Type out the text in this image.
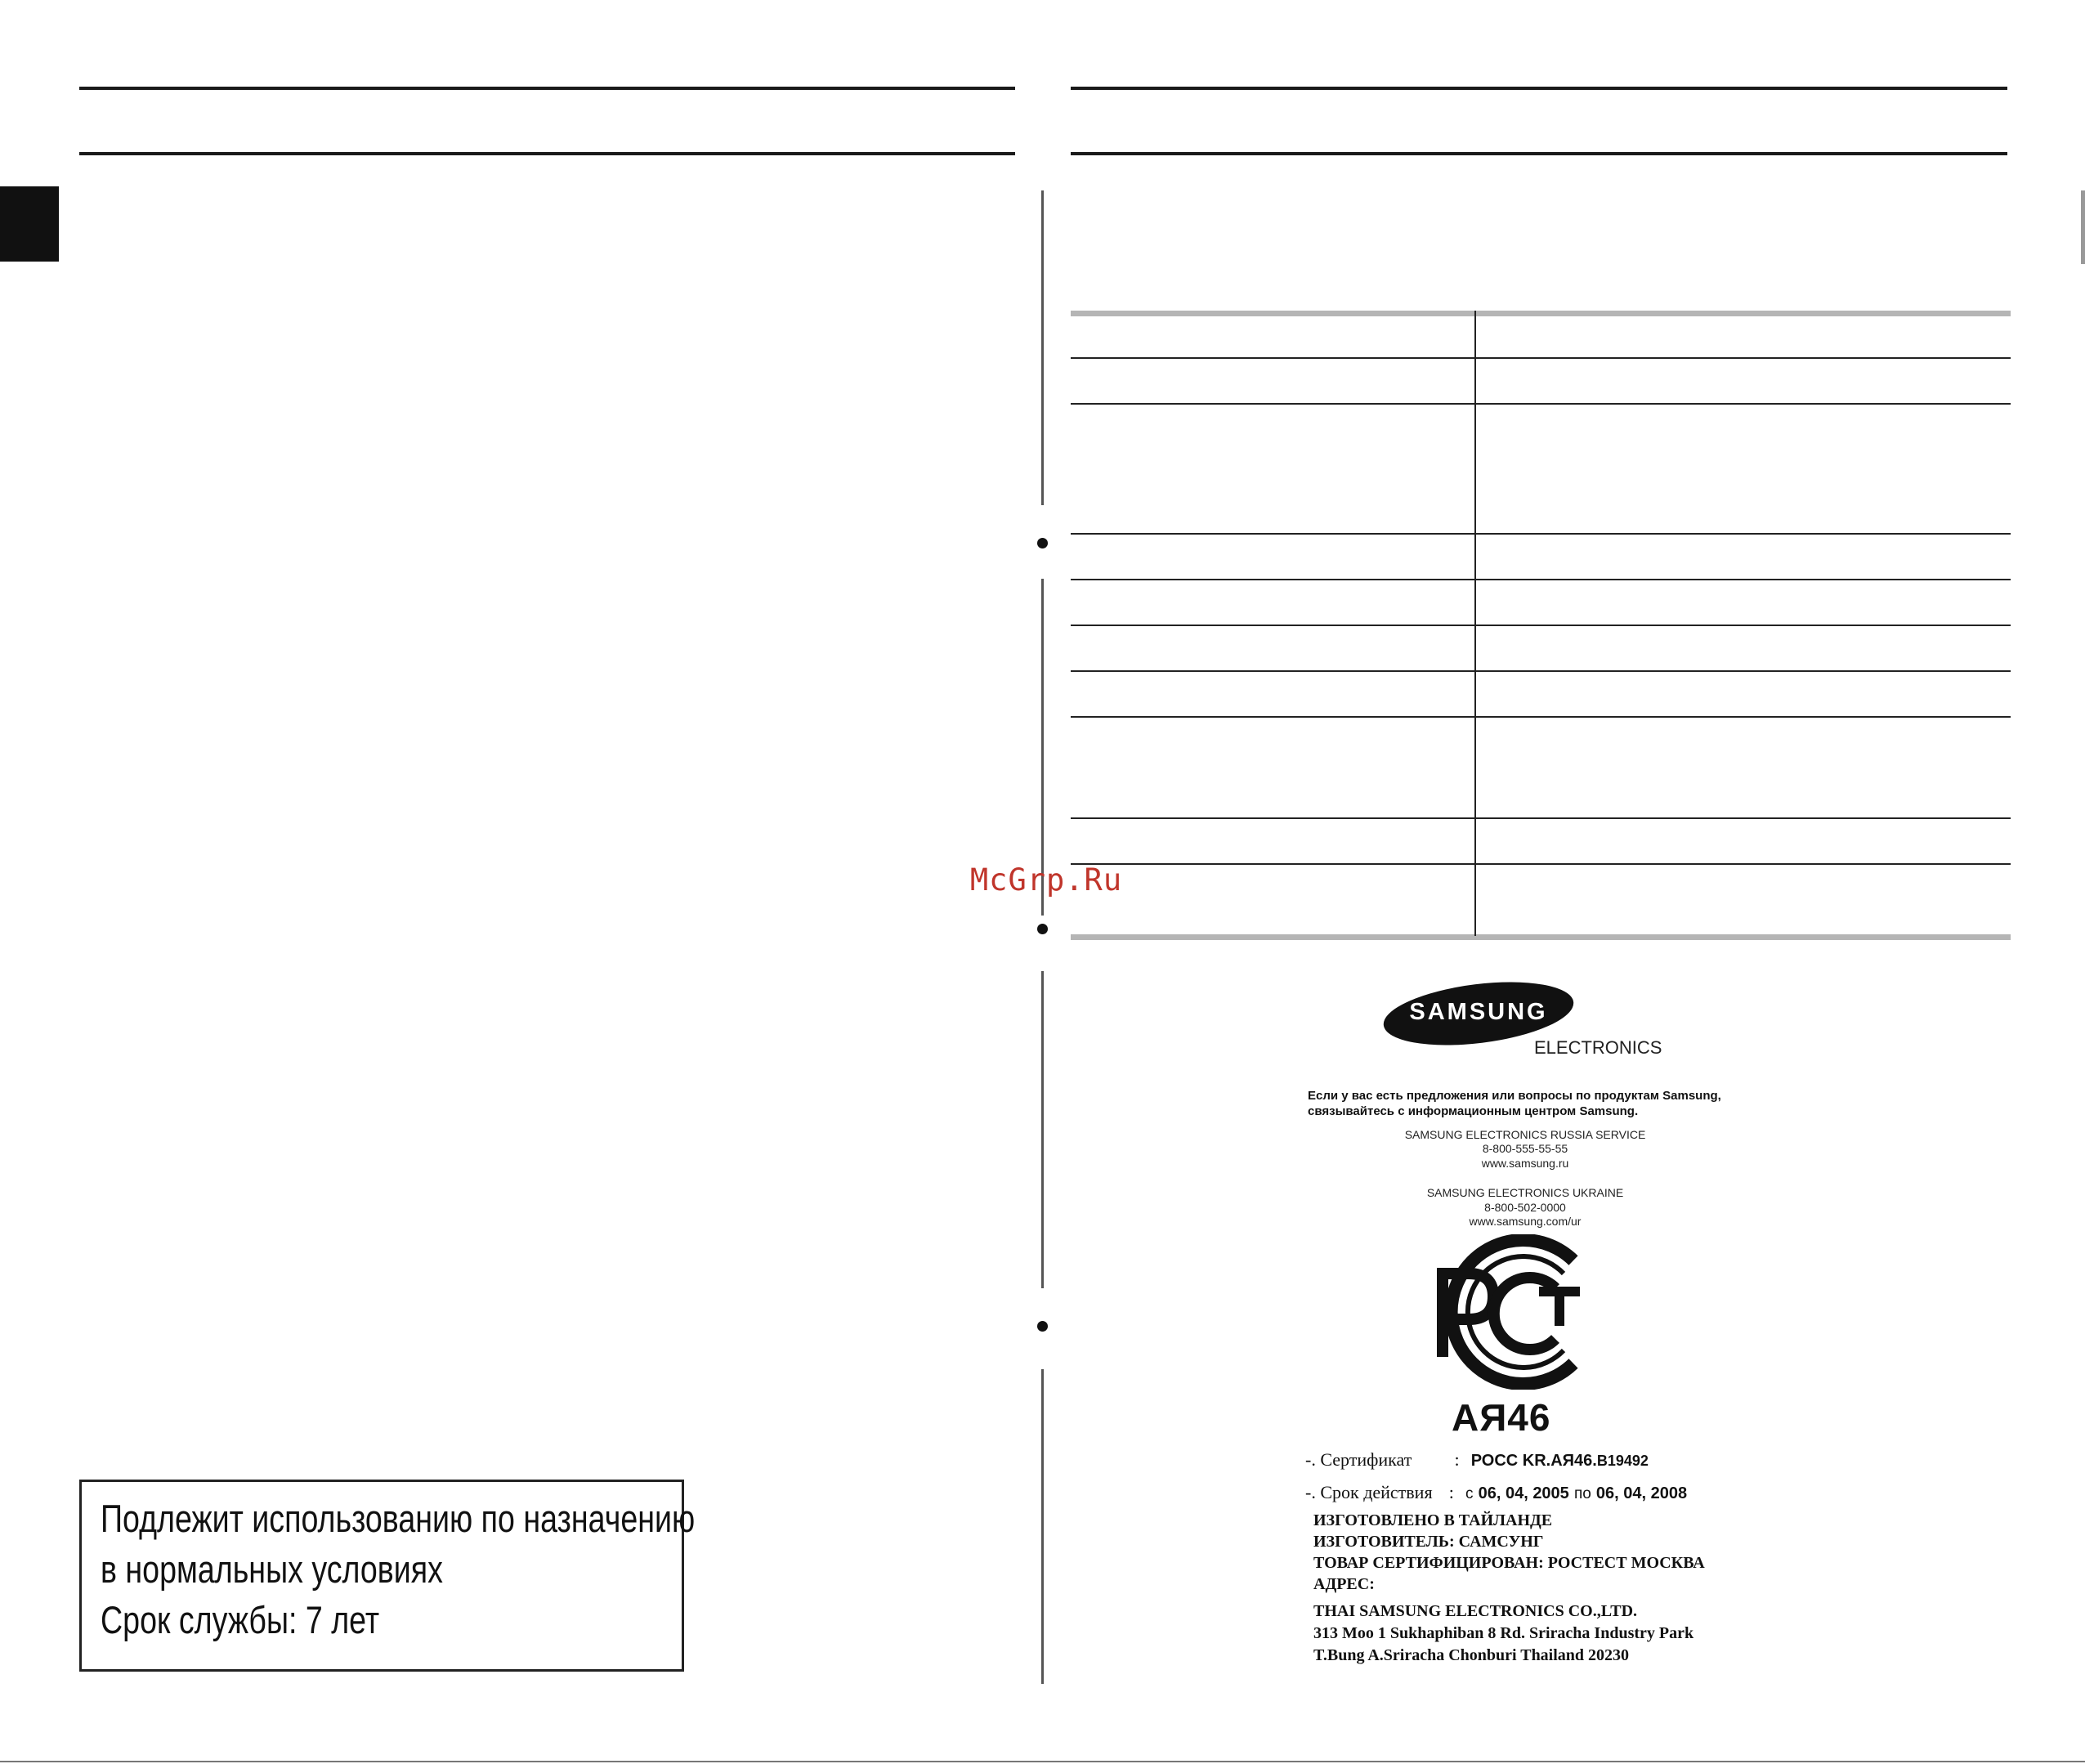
McGrp.Ru
Подлежит использованию по назначению
в нормальных условиях
Срок службы: 7 лет
SAMSUNG
ELECTRONICS
Если у вас есть предложения или вопросы по продуктам Samsung,
связывайтесь с информационным центром Samsung.
SAMSUNG ELECTRONICS RUSSIA SERVICE
8-800-555-55-55
www.samsung.ru
SAMSUNG ELECTRONICS UKRAINE
8-800-502-0000
www.samsung.com/ur
АЯ46
-. Сертификат : РОСС KR.АЯ46.B19492
-. Срок действия : с 06, 04, 2005 по 06, 04, 2008
ИЗГОТОВЛЕНО В ТАЙЛАНДЕ
ИЗГОТОВИТЕЛЬ: САМСУНГ
ТОВАР СЕРТИФИЦИРОВАН: РОСТЕСТ МОСКВА
АДРЕС:
THAI SAMSUNG ELECTRONICS CO.,LTD.
313 Moo 1 Sukhaphiban 8 Rd. Sriracha Industry Park
T.Bung A.Sriracha Chonburi Thailand 20230
